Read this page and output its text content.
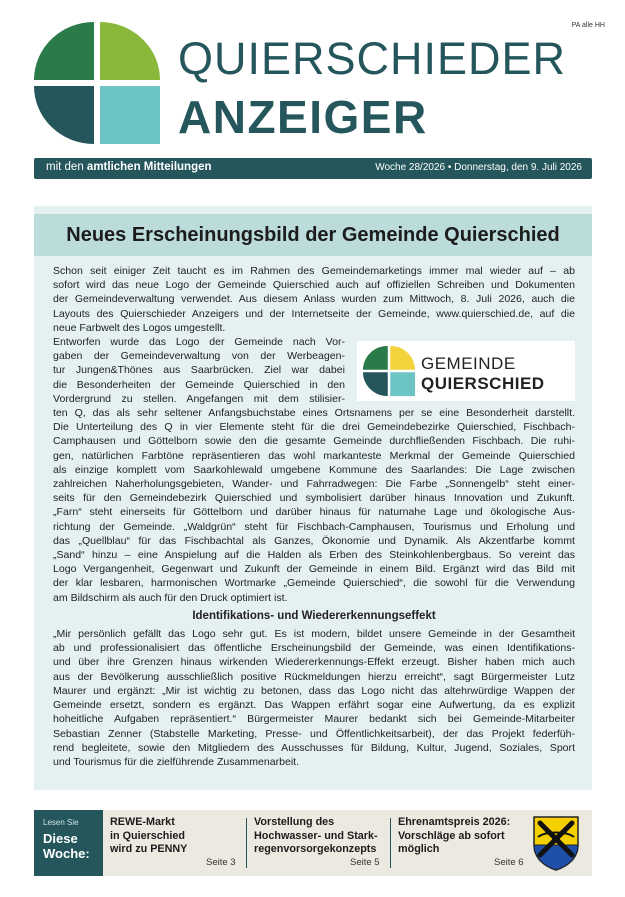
PA alle HH
QUIERSCHIEDER
ANZEIGER
mit den amtlichen Mitteilungen	Woche 28/2026 • Donnerstag, den 9. Juli 2026
Neues Erscheinungsbild der Gemeinde Quierschied
GEMEINDE
QUIERSCHIED

Schon seit einiger Zeit taucht es im Rahmen des Gemeindemarketings immer mal wieder auf – ab
sofort wird das neue Logo der Gemeinde Quierschied auch auf offiziellen Schreiben und Dokumenten
der Gemeindeverwaltung verwendet. Aus diesem Anlass wurden zum Mittwoch, 8. Juli 2026, auch die
Layouts des Quierschieder Anzeigers und der Internetseite der Gemeinde, www.quierschied.de, auf die
neue Farbwelt des Logos umgestellt.

Entworfen wurde das Logo der Gemeinde nach Vor-
gaben der Gemeindeverwaltung von der Werbeagen-
tur Jungen&Thönes aus Saarbrücken. Ziel war dabei
die Besonderheiten der Gemeinde Quierschied in den
Vordergrund zu stellen. Angefangen mit dem stilisier-

ten Q, das als sehr seltener Anfangsbuchstabe eines Ortsnamens per se eine Besonderheit darstellt.
Die Unterteilung des Q in vier Elemente steht für die drei Gemeindebezirke Quierschied, Fischbach-
Camphausen und Göttelborn sowie den die gesamte Gemeinde durchfließenden Fischbach. Die ruhi-
gen, natürlichen Farbtöne repräsentieren das wohl markanteste Merkmal der Gemeinde Quierschied
als einzige komplett vom Saarkohlewald umgebene Kommune des Saarlandes: Die Lage zwischen
zahlreichen Naherholungsgebieten, Wander- und Fahrradwegen: Die Farbe „Sonnengelb“ steht einer-
seits für den Gemeindebezirk Quierschied und symbolisiert darüber hinaus Innovation und Zukunft.
„Farn“ steht einerseits für Göttelborn und darüber hinaus für naturnahe Lage und ökologische Aus-
richtung der Gemeinde. „Waldgrün“ steht für Fischbach-Camphausen, Tourismus und Erholung und
das „Quellblau“ für das Fischbachtal als Ganzes, Ökonomie und Dynamik. Als Akzentfarbe kommt
„Sand“ hinzu – eine Anspielung auf die Halden als Erben des Steinkohlenbergbaus. So vereint das
Logo Vergangenheit, Gegenwart und Zukunft der Gemeinde in einem Bild. Ergänzt wird das Bild mit
der klar lesbaren, harmonischen Wortmarke „Gemeinde Quierschied“, die sowohl für die Verwendung
am Bildschirm als auch für den Druck optimiert ist.

Identifikations- und Wiedererkennungseffekt

„Mir persönlich gefällt das Logo sehr gut. Es ist modern, bildet unsere Gemeinde in der Gesamtheit
ab und professionalisiert das öffentliche Erscheinungsbild der Gemeinde, was einen Identifikations-
und über ihre Grenzen hinaus wirkenden Wiedererkennungs-Effekt erzeugt. Bisher haben mich auch
aus der Bevölkerung ausschließlich positive Rückmeldungen hierzu erreicht“, sagt Bürgermeister Lutz
Maurer und ergänzt: „Mir ist wichtig zu betonen, dass das Logo nicht das altehrwürdige Wappen der
Gemeinde ersetzt, sondern es ergänzt. Das Wappen erfährt sogar eine Aufwertung, da es explizit
hoheitliche Aufgaben repräsentiert.“ Bürgermeister Maurer bedankt sich bei Gemeinde-Mitarbeiter
Sebastian Zenner (Stabstelle Marketing, Presse- und Öffentlichkeitsarbeit), der das Projekt federfüh-
rend begleitete, sowie den Mitgliedern des Ausschusses für Bildung, Kultur, Jugend, Soziales, Sport
und Tourismus für die zielführende Zusammenarbeit.

Lesen Sie
Diese
Woche:
REWE-Markt
in Quierschied
wird zu PENNY
Seite 3
Vorstellung des
Hochwasser- und Stark-
regenvorsorgekonzepts
Seite 5
Ehrenamtspreis 2026:
Vorschläge ab sofort
möglich
Seite 6
